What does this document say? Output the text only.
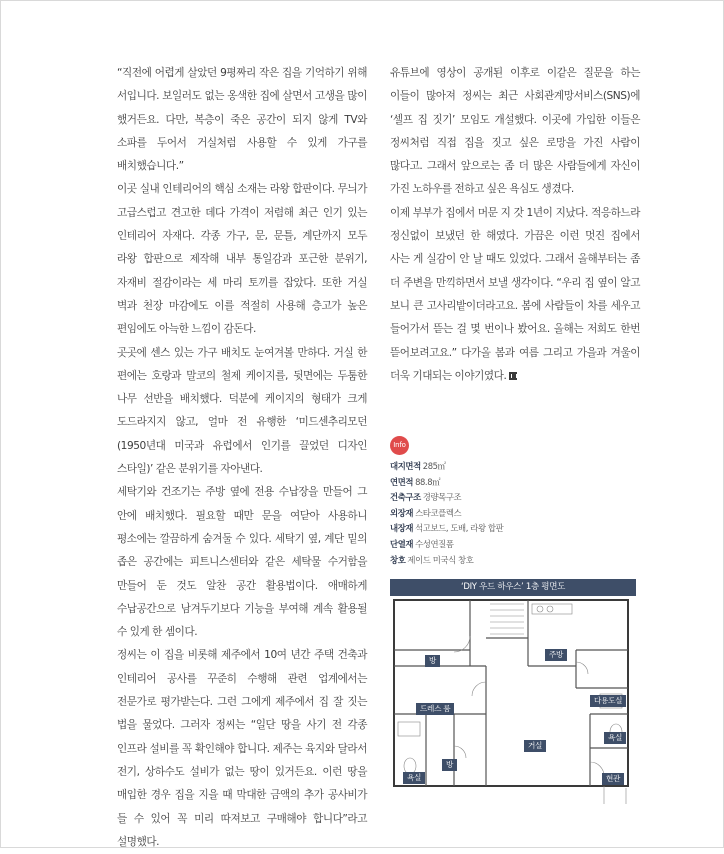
“직전에 어렵게 살았던 9평짜리 작은 집을 기억하기 위해 서입니다. 보일러도 없는 옹색한 집에 살면서 고생을 많이 했거든요. 다만, 복층이 죽은 공간이 되지 않게 TV와 소파를 두어서 거실처럼 사용할 수 있게 가구를 배치했습니다.”

이곳 실내 인테리어의 핵심 소재는 라왕 합판이다. 무늬가 고급스럽고 견고한 데다 가격이 저렴해 최근 인기 있는 인테리어 자재다. 각종 가구, 문, 문틀, 계단까지 모두 라왕 합판으로 제작해 내부 통일감과 포근한 분위기, 자재비 절감이라는 세 마리 토끼를 잡았다. 또한 거실 벽과 천장 마감에도 이를 적절히 사용해 층고가 높은 편임에도 아늑한 느낌이 감돈다.

곳곳에 센스 있는 가구 배치도 눈여겨볼 만하다. 거실 한 편에는 호랑과 말코의 철제 케이지를, 뒷면에는 두툼한 나무 선반을 배치했다. 덕분에 케이지의 형태가 크게 도드라지지 않고, 얼마 전 유행한 ‘미드센추리모던(1950년대 미국과 유럽에서 인기를 끌었던 디자인 스타일)’ 같은 분위기를 자아낸다.

세탁기와 건조기는 주방 옆에 전용 수납장을 만들어 그 안에 배치했다. 필요할 때만 문을 여닫아 사용하니 평소에는 깔끔하게 숨겨둘 수 있다. 세탁기 옆, 계단 밑의 좁은 공간에는 피트니스센터와 같은 세탁물 수거함을 만들어 둔 것도 알찬 공간 활용법이다. 애매하게 수납공간으로 남겨두기보다 기능을 부여해 계속 활용될 수 있게 한 셈이다.

정씨는 이 집을 비롯해 제주에서 10여 년간 주택 건축과 인테리어 공사를 꾸준히 수행해 관련 업계에서는 전문가로 평가받는다. 그런 그에게 제주에서 집 잘 짓는 법을 물었다. 그러자 정씨는 “일단 땅을 사기 전 각종 인프라 설비를 꼭 확인해야 합니다. 제주는 육지와 달라서 전기, 상하수도 설비가 없는 땅이 있거든요. 이런 땅을 매입한 경우 집을 지을 때 막대한 금액의 추가 공사비가 들 수 있어 꼭 미리 따져보고 구매해야 합니다”라고 설명했다.

유튜브에 영상이 공개된 이후로 이같은 질문을 하는 이들이 많아져 정씨는 최근 사회관계망서비스(SNS)에 ‘셀프 집 짓기’ 모임도 개설했다. 이곳에 가입한 이들은 정씨처럼 직접 집을 짓고 싶은 로망을 가진 사람이 많다고. 그래서 앞으로는 좀 더 많은 사람들에게 자신이 가진 노하우를 전하고 싶은 욕심도 생겼다.

이제 부부가 집에서 머문 지 갓 1년이 지났다. 적응하느라 정신없이 보냈던 한 해였다. 가끔은 이런 멋진 집에서 사는 게 실감이 안 날 때도 있었다. 그래서 올해부터는 좀 더 주변을 만끽하면서 보낼 생각이다. “우리 집 옆이 알고 보니 큰 고사리밭이더라고요. 봄에 사람들이 차를 세우고 들어가서 뜯는 걸 몇 번이나 봤어요. 올해는 저희도 한번 뜯어보려고요.” 다가올 봄과 여름 그리고 가을과 겨울이 더욱 기대되는 이야기였다.

Info
대지면적 285㎡
연면적 88.8㎡
건축구조 경량목구조
외장재 스타코플렉스
내장재 석고보드, 도배, 라왕 합판
단열재 수성연질폼
창호 제이드 미국식 창호
‘DIY 우드 하우스’ 1층 평면도
방
주방
다용도실
드레스 룸
거실
욕실
방
욕실	현관
